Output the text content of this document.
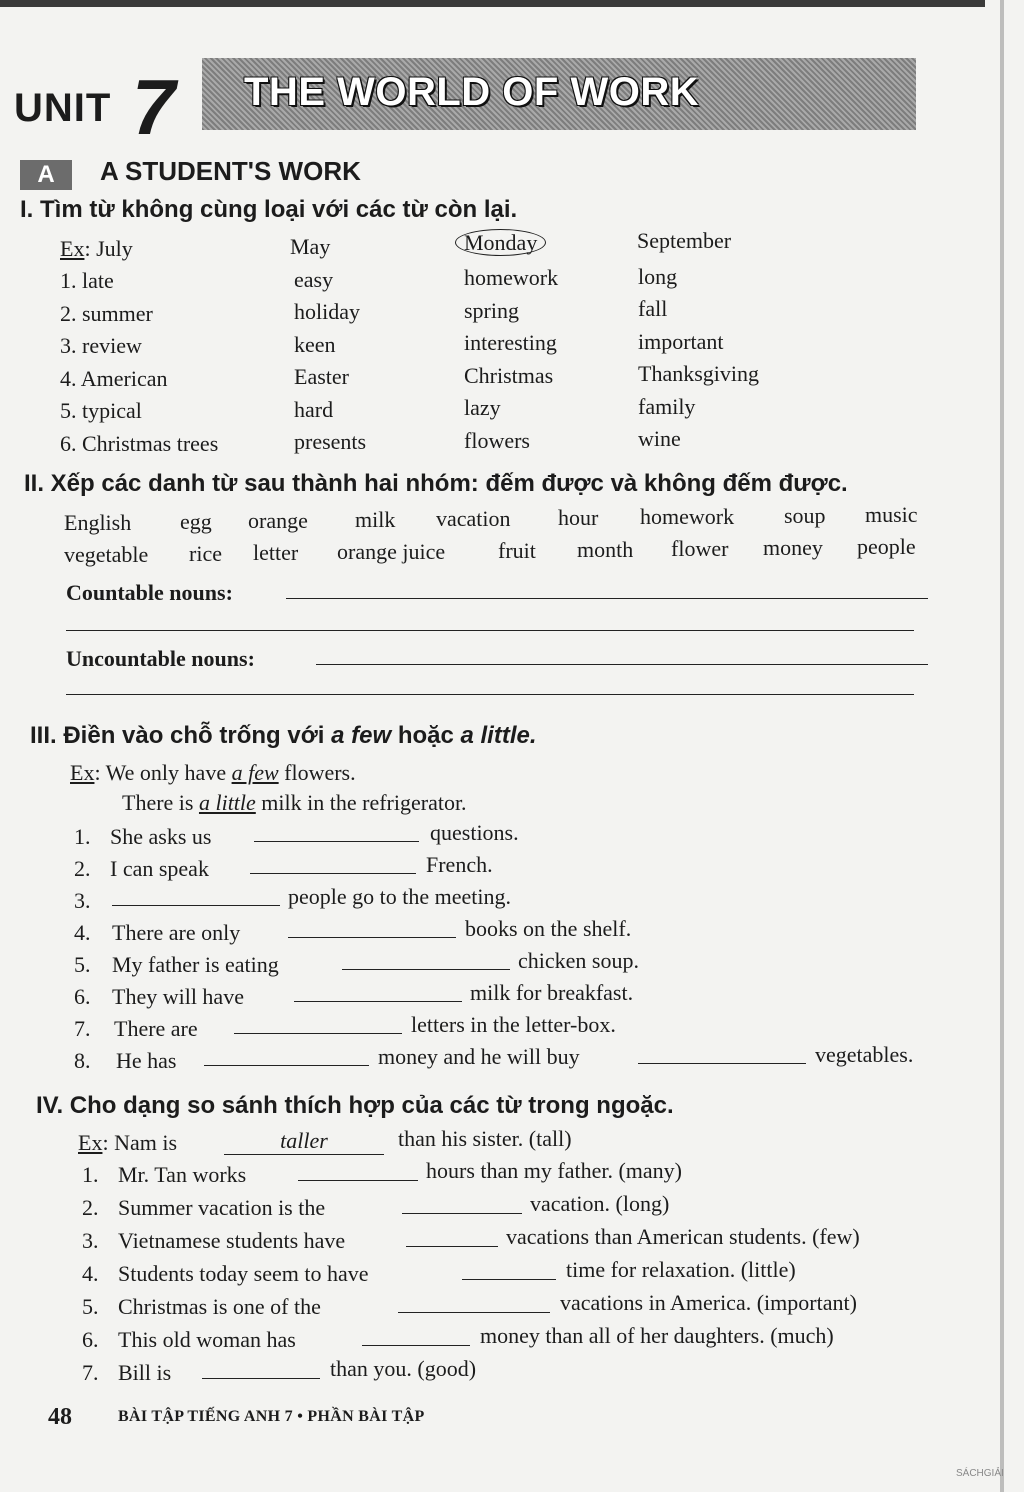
UNIT 7 THE WORLD OF WORK
A	A STUDENT'S WORK
I. Tìm từ không cùng loại với các từ còn lại.
Ex: July	May	Monday	September
1. late	easy	homework	long
2. summer	holiday	spring	fall
3. review	keen	interesting	important
4. American	Easter	Christmas	Thanksgiving
5. typical	hard	lazy	family
6. Christmas trees	presents	flowers	wine
II. Xếp các danh từ sau thành hai nhóm: đếm được và không đếm được.
English egg orange milk vacation hour homework soup music
vegetable rice letter orange juice fruit month flower money people
Countable nouns:
Uncountable nouns:
III. Điền vào chỗ trống với a few hoặc a little.
Ex: We only have a few flowers.
There is a little milk in the refrigerator.
1. She asks us	questions.
2. I can speak	French.
3.	people go to the meeting.
4. There are only	books on the shelf.
5. My father is eating	chicken soup.
6. They will have	milk for breakfast.
7. There are	letters in the letter-box.
8. He has	money and he will buy	vegetables.
IV. Cho dạng so sánh thích hợp của các từ trong ngoặc.
Ex: Nam is	taller	than his sister. (tall)
1. Mr. Tan works	hours than my father. (many)
2. Summer vacation is the	vacation. (long)
3. Vietnamese students have	vacations than American students. (few)
4. Students today seem to have	time for relaxation. (little)
5. Christmas is one of the	vacations in America. (important)
6. This old woman has	money than all of her daughters. (much)
7. Bill is	than you. (good)
48	BÀI TẬP TIẾNG ANH 7 • PHẦN BÀI TẬP
SÁCHGIẢI
